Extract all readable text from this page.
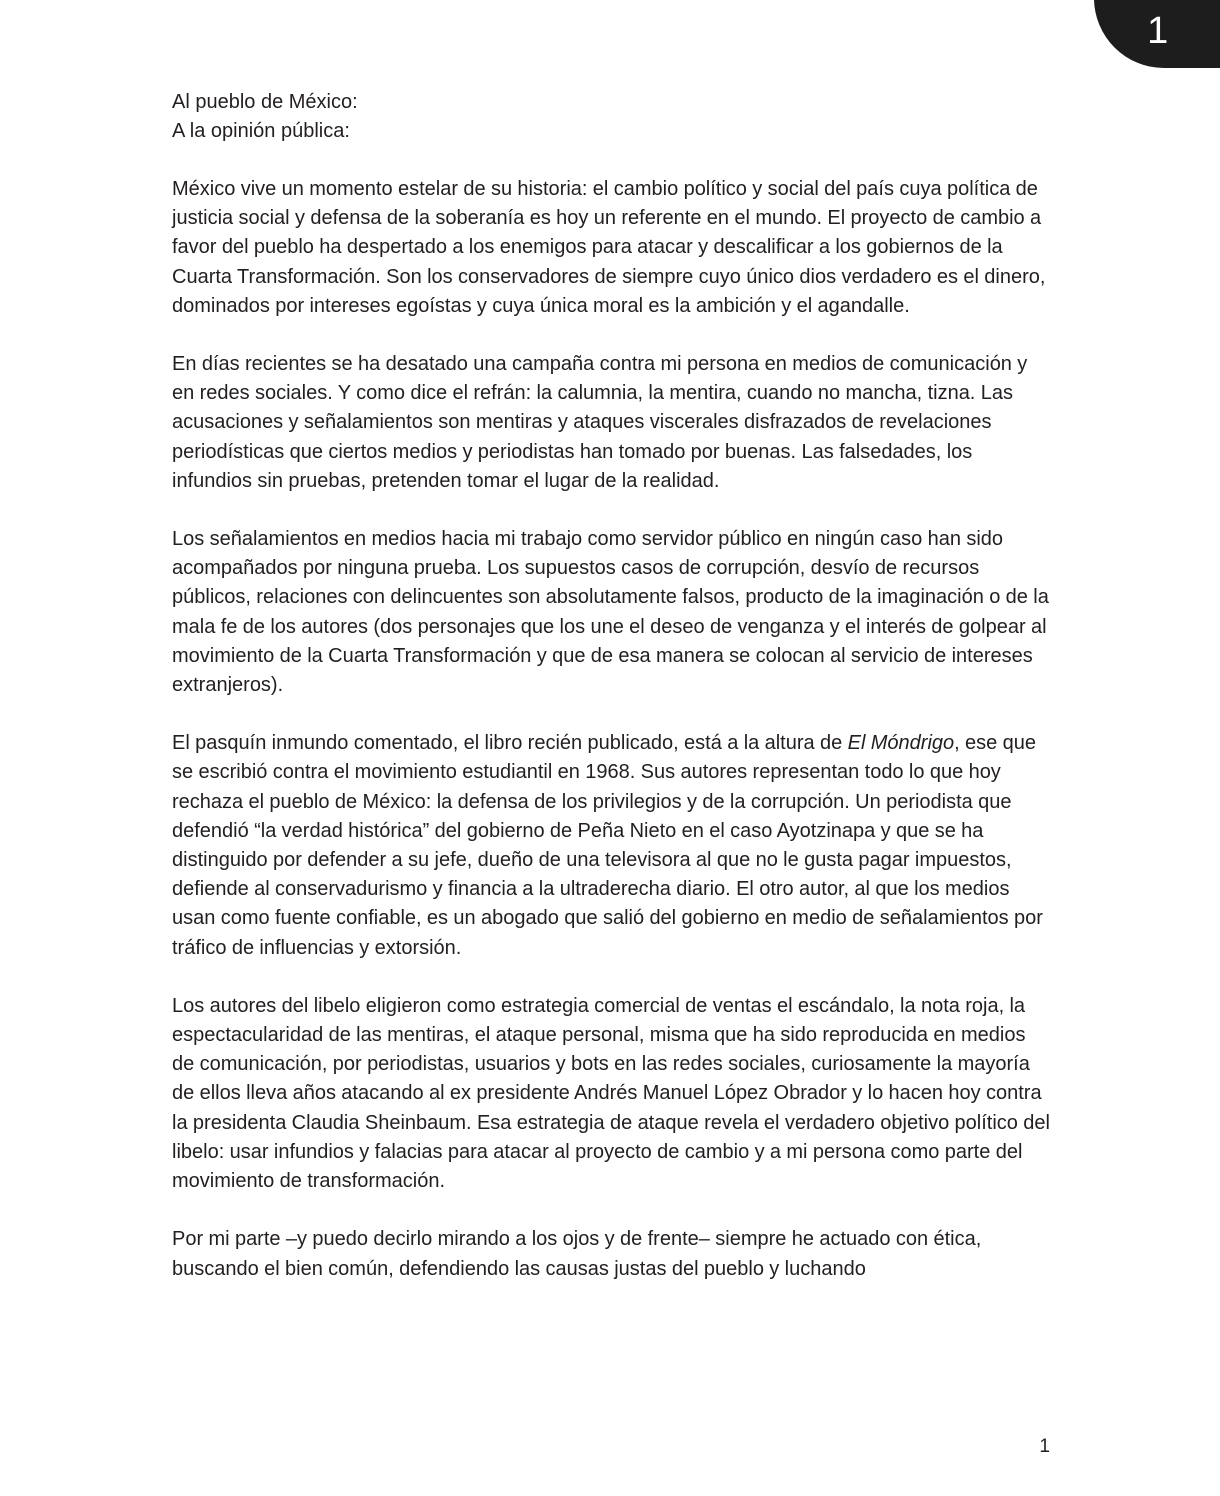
1
Al pueblo de México:
A la opinión pública:

México vive un momento estelar de su historia: el cambio político y social del país cuya política de justicia social y defensa de la soberanía es hoy un referente en el mundo. El proyecto de cambio a favor del pueblo ha despertado a los enemigos para atacar y descalificar a los gobiernos de la Cuarta Transformación. Son los conservadores de siempre cuyo único dios verdadero es el dinero, dominados por intereses egoístas y cuya única moral es la ambición y el agandalle.

En días recientes se ha desatado una campaña contra mi persona en medios de comunicación y en redes sociales. Y como dice el refrán: la calumnia, la mentira, cuando no mancha, tizna. Las acusaciones y señalamientos son mentiras y ataques viscerales disfrazados de revelaciones periodísticas que ciertos medios y periodistas han tomado por buenas. Las falsedades, los infundios sin pruebas, pretenden tomar el lugar de la realidad.

Los señalamientos en medios hacia mi trabajo como servidor público en ningún caso han sido acompañados por ninguna prueba. Los supuestos casos de corrupción, desvío de recursos públicos, relaciones con delincuentes son absolutamente falsos, producto de la imaginación o de la mala fe de los autores (dos personajes que los une el deseo de venganza y el interés de golpear al movimiento de la Cuarta Transformación y que de esa manera se colocan al servicio de intereses extranjeros).

El pasquín inmundo comentado, el libro recién publicado, está a la altura de El Móndrigo, ese que se escribió contra el movimiento estudiantil en 1968. Sus autores representan todo lo que hoy rechaza el pueblo de México: la defensa de los privilegios y de la corrupción. Un periodista que defendió “la verdad histórica” del gobierno de Peña Nieto en el caso Ayotzinapa y que se ha distinguido por defender a su jefe, dueño de una televisora al que no le gusta pagar impuestos, defiende al conservadurismo y financia a la ultraderecha diario. El otro autor, al que los medios usan como fuente confiable, es un abogado que salió del gobierno en medio de señalamientos por tráfico de influencias y extorsión.

Los autores del libelo eligieron como estrategia comercial de ventas el escándalo, la nota roja, la espectacularidad de las mentiras, el ataque personal, misma que ha sido reproducida en medios de comunicación, por periodistas, usuarios y bots en las redes sociales, curiosamente la mayoría de ellos lleva años atacando al ex presidente Andrés Manuel López Obrador y lo hacen hoy contra la presidenta Claudia Sheinbaum. Esa estrategia de ataque revela el verdadero objetivo político del libelo: usar infundios y falacias para atacar al proyecto de cambio y a mi persona como parte del movimiento de transformación.

Por mi parte –y puedo decirlo mirando a los ojos y de frente– siempre he actuado con ética, buscando el bien común, defendiendo las causas justas del pueblo y luchando

1
